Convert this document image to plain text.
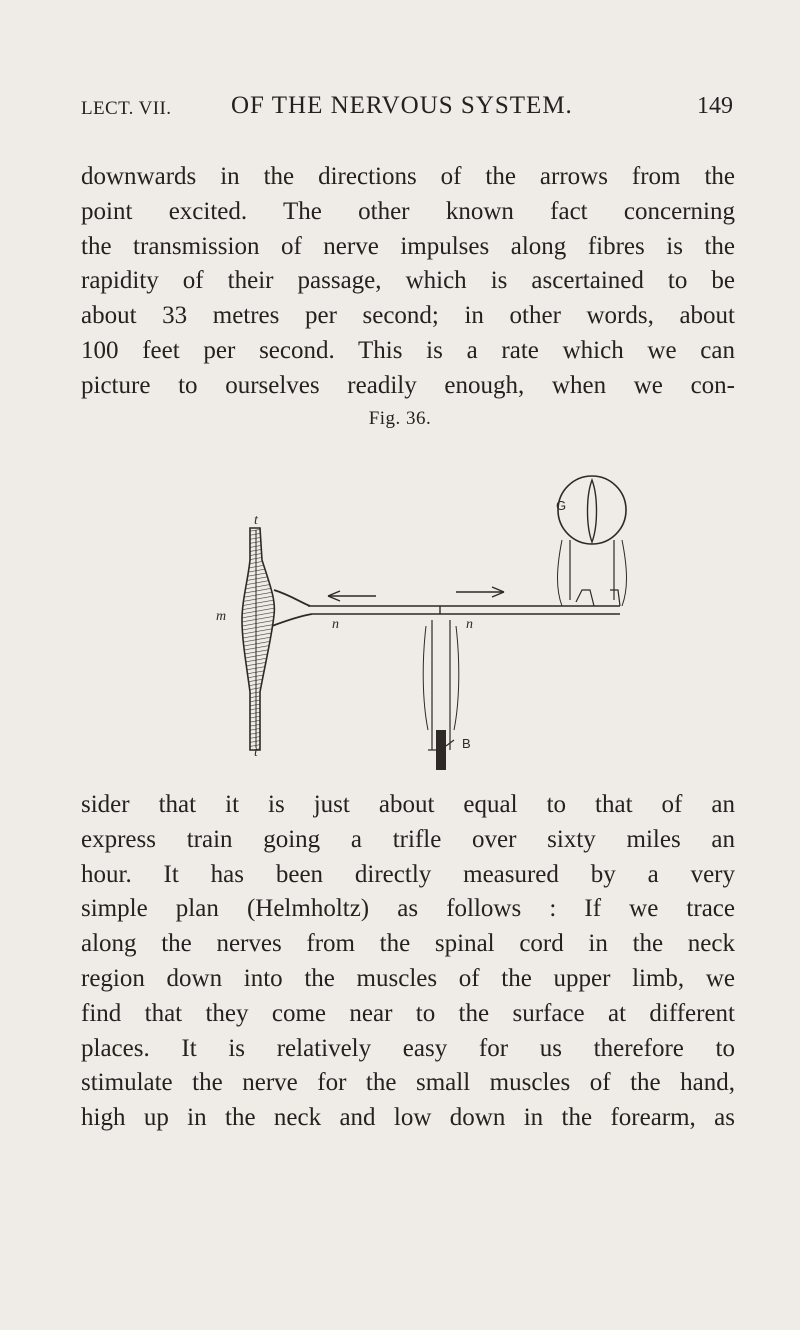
LECT. VII. OF THE NERVOUS SYSTEM.	149
downwards in the directions of the arrows from the
point excited. The other known fact concerning
the transmission of nerve impulses along fibres is the
rapidity of their passage, which is ascertained to be
about 33 metres per second; in other words, about
100 feet per second. This is a rate which we can
picture to ourselves readily enough, when we con-
Fig. 36.
G
B
m
t
t
n	n
sider that it is just about equal to that of an
express train going a trifle over sixty miles an
hour. It has been directly measured by a very
simple plan (Helmholtz) as follows : If we trace
along the nerves from the spinal cord in the neck
region down into the muscles of the upper limb, we
find that they come near to the surface at different
places. It is relatively easy for us therefore to
stimulate the nerve for the small muscles of the hand,
high up in the neck and low down in the forearm, as
